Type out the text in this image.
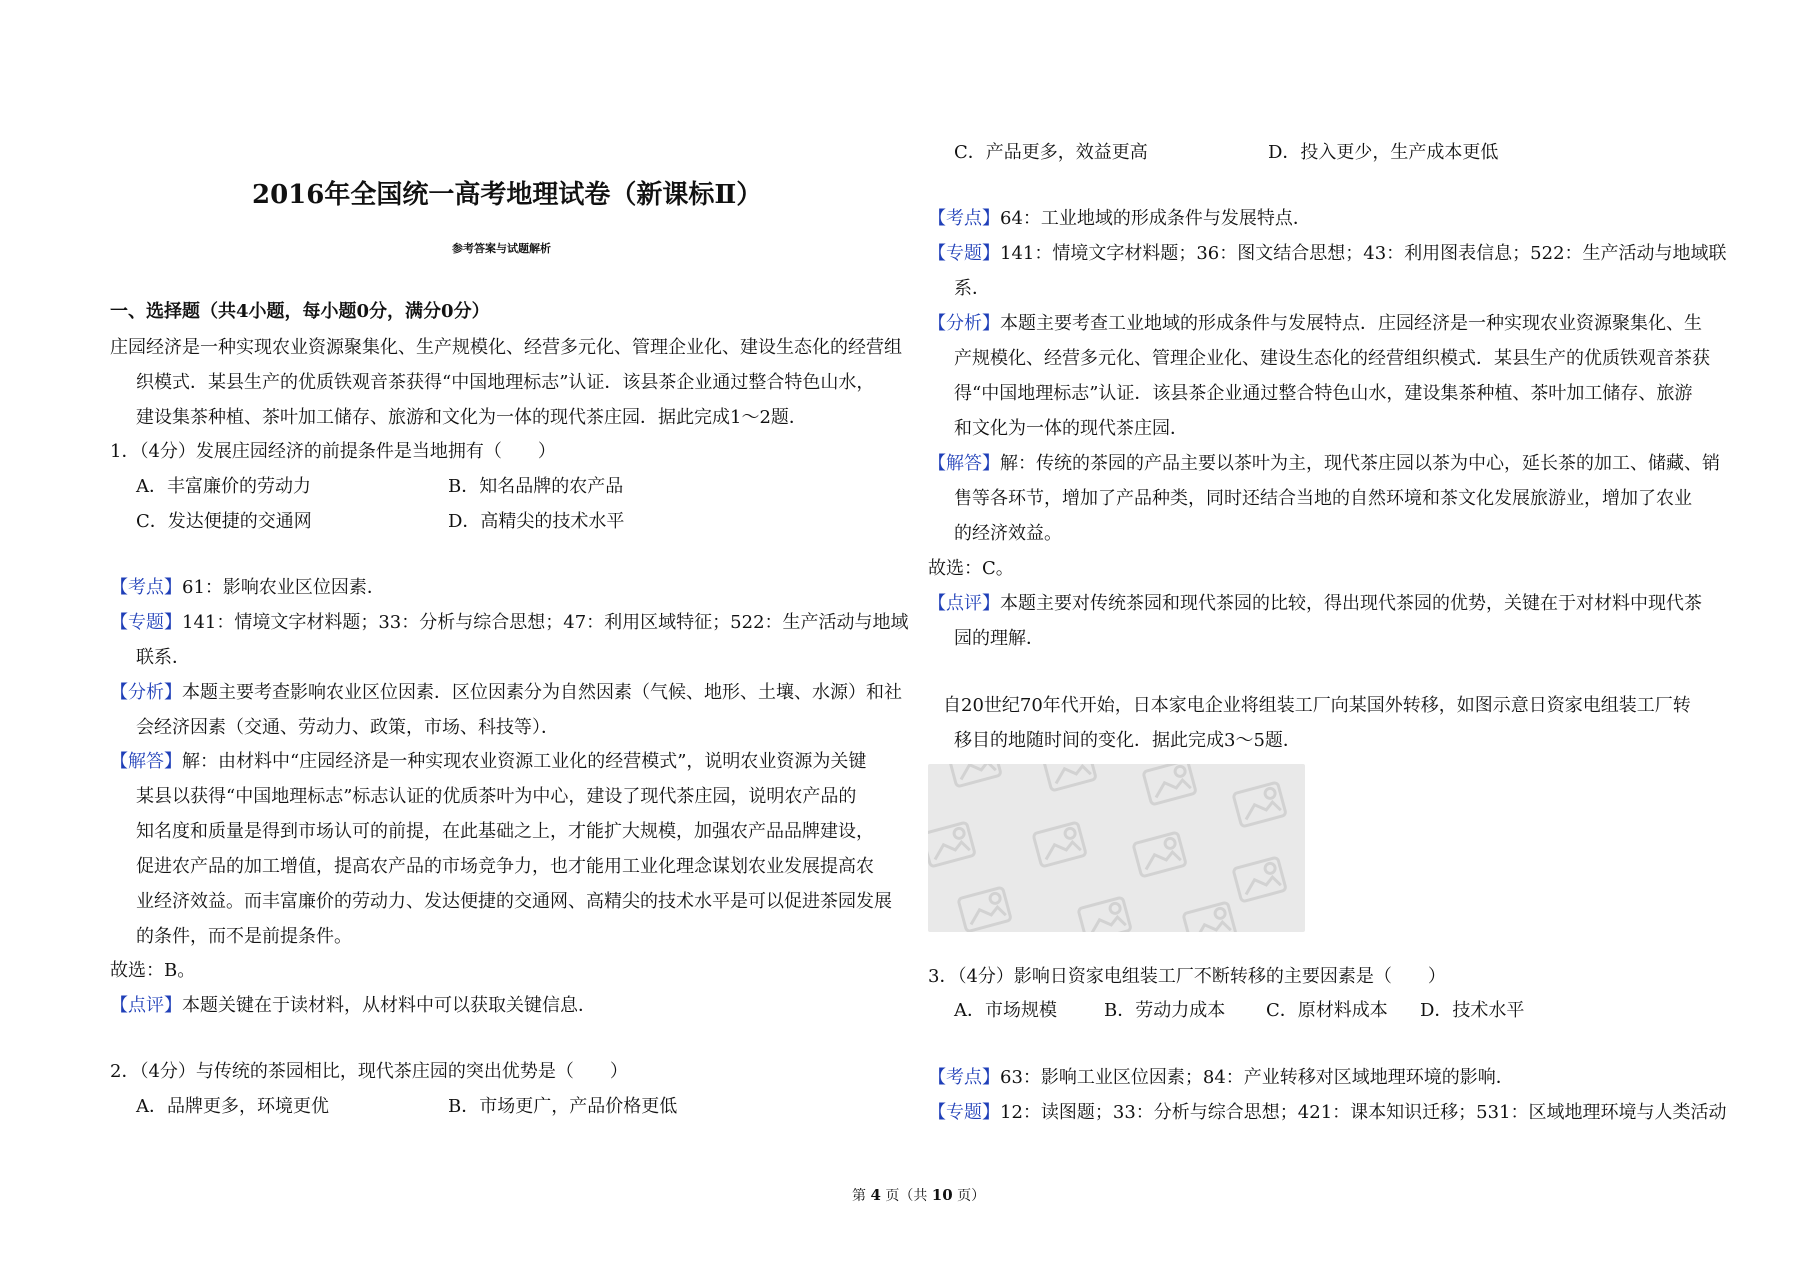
2016年全国统一高考地理试卷（新课标Ⅱ）
参考答案与试题解析
一、选择题（共4小题，每小题0分，满分0分）
庄园经济是一种实现农业资源聚集化、生产规模化、经营多元化、管理企业化、建设生态化的经营组
织模式．某县生产的优质铁观音茶获得“中国地理标志”认证．该县茶企业通过整合特色山水，
建设集茶种植、茶叶加工储存、旅游和文化为一体的现代茶庄园．据此完成1～2题．
1．（4分）发展庄园经济的前提条件是当地拥有（　　）
A．丰富廉价的劳动力	B．知名品牌的农产品
C．发达便捷的交通网	D．高精尖的技术水平
【考点】61：影响农业区位因素．
【专题】141：情境文字材料题；33：分析与综合思想；47：利用区域特征；522：生产活动与地域
联系．
【分析】本题主要考查影响农业区位因素．区位因素分为自然因素（气候、地形、土壤、水源）和社
会经济因素（交通、劳动力、政策，市场、科技等）．
【解答】解：由材料中“庄园经济是一种实现农业资源工业化的经营模式”，说明农业资源为关键
某县以获得“中国地理标志”标志认证的优质茶叶为中心，建设了现代茶庄园，说明农产品的
知名度和质量是得到市场认可的前提，在此基础之上，才能扩大规模，加强农产品品牌建设，
促进农产品的加工增值，提高农产品的市场竞争力，也才能用工业化理念谋划农业发展提高农
业经济效益。而丰富廉价的劳动力、发达便捷的交通网、高精尖的技术水平是可以促进茶园发展
的条件，而不是前提条件。
故选：B。
【点评】本题关键在于读材料，从材料中可以获取关键信息．
2．（4分）与传统的茶园相比，现代茶庄园的突出优势是（　　）
A．品牌更多，环境更优	B．市场更广，产品价格更低
C．产品更多，效益更高	D．投入更少，生产成本更低
【考点】64：工业地域的形成条件与发展特点．
【专题】141：情境文字材料题；36：图文结合思想；43：利用图表信息；522：生产活动与地域联
系．
【分析】本题主要考查工业地域的形成条件与发展特点．庄园经济是一种实现农业资源聚集化、生
产规模化、经营多元化、管理企业化、建设生态化的经营组织模式．某县生产的优质铁观音茶获
得“中国地理标志”认证．该县茶企业通过整合特色山水，建设集茶种植、茶叶加工储存、旅游
和文化为一体的现代茶庄园．
【解答】解：传统的茶园的产品主要以茶叶为主，现代茶庄园以茶为中心，延长茶的加工、储藏、销
售等各环节，增加了产品种类，同时还结合当地的自然环境和茶文化发展旅游业，增加了农业
的经济效益。
故选：C。
【点评】本题主要对传统茶园和现代茶园的比较，得出现代茶园的优势，关键在于对材料中现代茶
园的理解．
自20世纪70年代开始，日本家电企业将组装工厂向某国外转移，如图示意日资家电组装工厂转
移目的地随时间的变化．据此完成3～5题．
3．（4分）影响日资家电组装工厂不断转移的主要因素是（　　）
A．市场规模	B．劳动力成本 C．原材料成本 D．技术水平
【考点】63：影响工业区位因素；84：产业转移对区域地理环境的影响．
【专题】12：读图题；33：分析与综合思想；421：课本知识迁移；531：区域地理环境与人类活动
第 4 页（共 10 页）
